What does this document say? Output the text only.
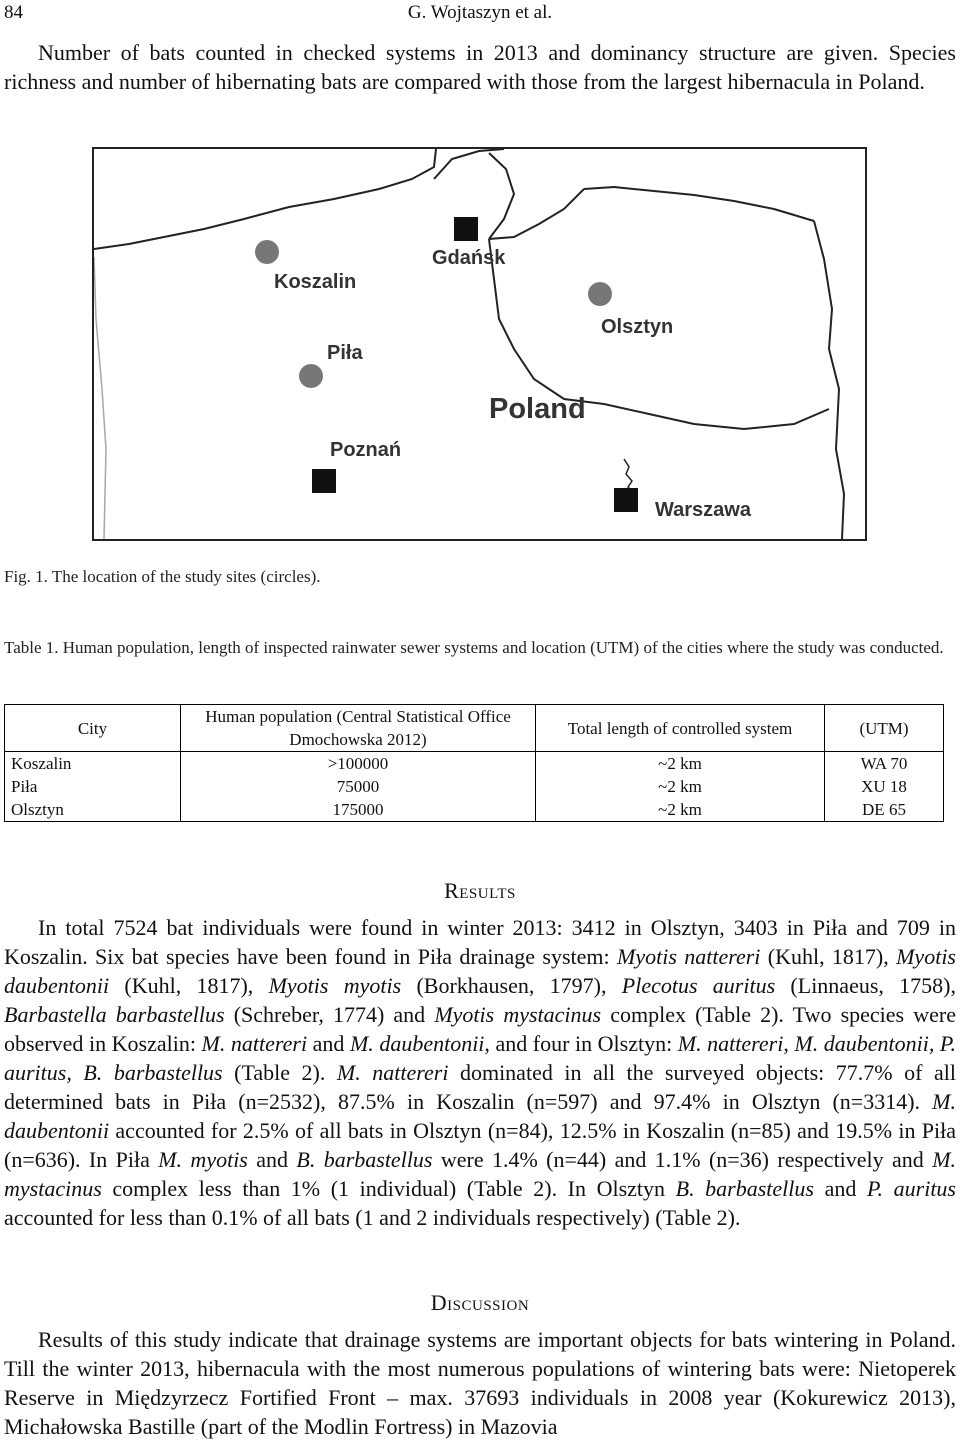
84	G. Wojtaszyn et al.

Number of bats counted in checked systems in 2013 and dominancy structure are given. Species richness and number of hibernating bats are compared with those from the largest hibernacula in Poland.

Koszalin
Gdańsk
Olsztyn
Piła
Poland
Poznań
Warszawa
Fig. 1. The location of the study sites (circles).
Table 1. Human population, length of inspected rainwater sewer systems and location (UTM) of the cities where the study was conducted.
City	Human population (Central Statistical Office Dmochowska 2012)	Total length of controlled system	(UTM)
Koszalin	>100000	~2 km	WA 70
Piła	75000	~2 km	XU 18
Olsztyn	175000	~2 km	DE 65
Results

In total 7524 bat individuals were found in winter 2013: 3412 in Olsztyn, 3403 in Piła and 709 in Koszalin. Six bat species have been found in Piła drainage system: Myotis nattereri (Kuhl, 1817), Myotis daubentonii (Kuhl, 1817), Myotis myotis (Borkhausen, 1797), Plecotus auritus (Linnaeus, 1758), Barbastella barbastellus (Schreber, 1774) and Myotis mystacinus complex (Table 2). Two species were observed in Koszalin: M. nattereri and M. daubentonii, and four in Olsztyn: M. nattereri, M. daubentonii, P. auritus, B. barbastellus (Table 2). M. nattereri dominated in all the surveyed objects: 77.7% of all determined bats in Piła (n=2532), 87.5% in Koszalin (n=597) and 97.4% in Olsztyn (n=3314). M. daubentonii accounted for 2.5% of all bats in Olsztyn (n=84), 12.5% in Koszalin (n=85) and 19.5% in Piła (n=636). In Piła M. myotis and B. barbastellus were 1.4% (n=44) and 1.1% (n=36) respectively and M. mystacinus complex less than 1% (1 individual) (Table 2). In Olsztyn B. barbastellus and P. auritus accounted for less than 0.1% of all bats (1 and 2 individuals respectively) (Table 2).

Discussion

Results of this study indicate that drainage systems are important objects for bats wintering in Poland. Till the winter 2013, hibernacula with the most numerous populations of wintering bats were: Nietoperek Reserve in Międzyrzecz Fortified Front – max. 37693 individuals in 2008 year (Kokurewicz 2013), Michałowska Bastille (part of the Modlin Fortress) in Mazovia
